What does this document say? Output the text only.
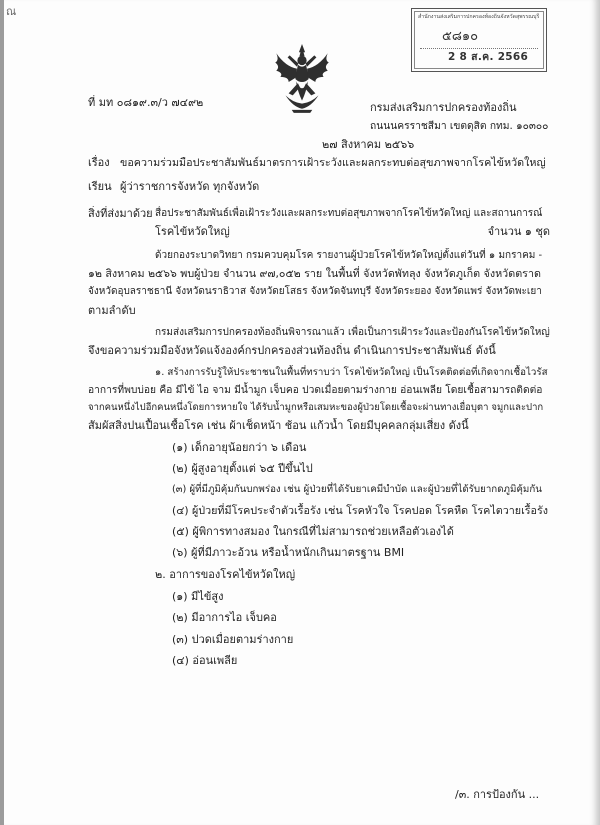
ณ	สำนักงานส่งเสริมการปกครองท้องถิ่นจังหวัดสุพรรณบุรี
๕๘๑๐
2 8 ส.ค. 2566
ที่ มท ๐๘๑๙.๓/ว ๗๔๙๒	กรมส่งเสริมการปกครองท้องถิ่น
ถนนนครราชสีมา เขตดุสิต กทม. ๑๐๓๐๐
๒๗ สิงหาคม ๒๕๖๖
เรื่อง ขอความร่วมมือประชาสัมพันธ์มาตรการเฝ้าระวังและผลกระทบต่อสุขภาพจากโรคไข้หวัดใหญ่
เรียน ผู้ว่าราชการจังหวัด ทุกจังหวัด
สิ่งที่ส่งมาด้วย สื่อประชาสัมพันธ์เพื่อเฝ้าระวังและผลกระทบต่อสุขภาพจากโรคไข้หวัดใหญ่ และสถานการณ์
โรคไข้หวัดใหญ่	จำนวน ๑ ชุด
ด้วยกองระบาดวิทยา กรมควบคุมโรค รายงานผู้ป่วยโรคไข้หวัดใหญ่ตั้งแต่วันที่ ๑ มกราคม -
๑๒ สิงหาคม ๒๕๖๖ พบผู้ป่วย จำนวน ๙๗,๐๕๒ ราย ในพื้นที่ จังหวัดพัทลุง จังหวัดภูเก็ต จังหวัดตราด
จังหวัดอุบลราชธานี จังหวัดนราธิวาส จังหวัดยโสธร จังหวัดจันทบุรี จังหวัดระยอง จังหวัดแพร่ จังหวัดพะเยา
ตามลำดับ
กรมส่งเสริมการปกครองท้องถิ่นพิจารณาแล้ว เพื่อเป็นการเฝ้าระวังและป้องกันโรคไข้หวัดใหญ่
จึงขอความร่วมมือจังหวัดแจ้งองค์กรปกครองส่วนท้องถิ่น ดำเนินการประชาสัมพันธ์ ดังนี้
๑. สร้างการรับรู้ให้ประชาชนในพื้นที่ทราบว่า โรคไข้หวัดใหญ่ เป็นโรคติดต่อที่เกิดจากเชื้อไวรัส
อาการที่พบบ่อย คือ มีไข้ ไอ จาม มีน้ำมูก เจ็บคอ ปวดเมื่อยตามร่างกาย อ่อนเพลีย โดยเชื้อสามารถติดต่อ
จากคนหนึ่งไปอีกคนหนึ่งโดยการหายใจ ได้รับน้ำมูกหรือเสมหะของผู้ป่วยโดยเชื้อจะผ่านทางเยื่อบุตา จมูกและปาก
สัมผัสสิ่งปนเปื้อนเชื้อโรค เช่น ผ้าเช็ดหน้า ช้อน แก้วน้ำ โดยมีบุคคลกลุ่มเสี่ยง ดังนี้
(๑) เด็กอายุน้อยกว่า ๖ เดือน
(๒) ผู้สูงอายุตั้งแต่ ๖๕ ปีขึ้นไป
(๓) ผู้ที่มีภูมิคุ้มกันบกพร่อง เช่น ผู้ป่วยที่ได้รับยาเคมีบำบัด และผู้ป่วยที่ได้รับยากดภูมิคุ้มกัน
(๔) ผู้ป่วยที่มีโรคประจำตัวเรื้อรัง เช่น โรคหัวใจ โรคปอด โรคหืด โรคไตวายเรื้อรัง
(๕) ผู้พิการทางสมอง ในกรณีที่ไม่สามารถช่วยเหลือตัวเองได้
(๖) ผู้ที่มีภาวะอ้วน หรือน้ำหนักเกินมาตรฐาน BMI
๒. อาการของโรคไข้หวัดใหญ่
(๑) มีไข้สูง
(๒) มีอาการไอ เจ็บคอ
(๓) ปวดเมื่อยตามร่างกาย
(๔) อ่อนเพลีย
/๓. การป้องกัน ...
